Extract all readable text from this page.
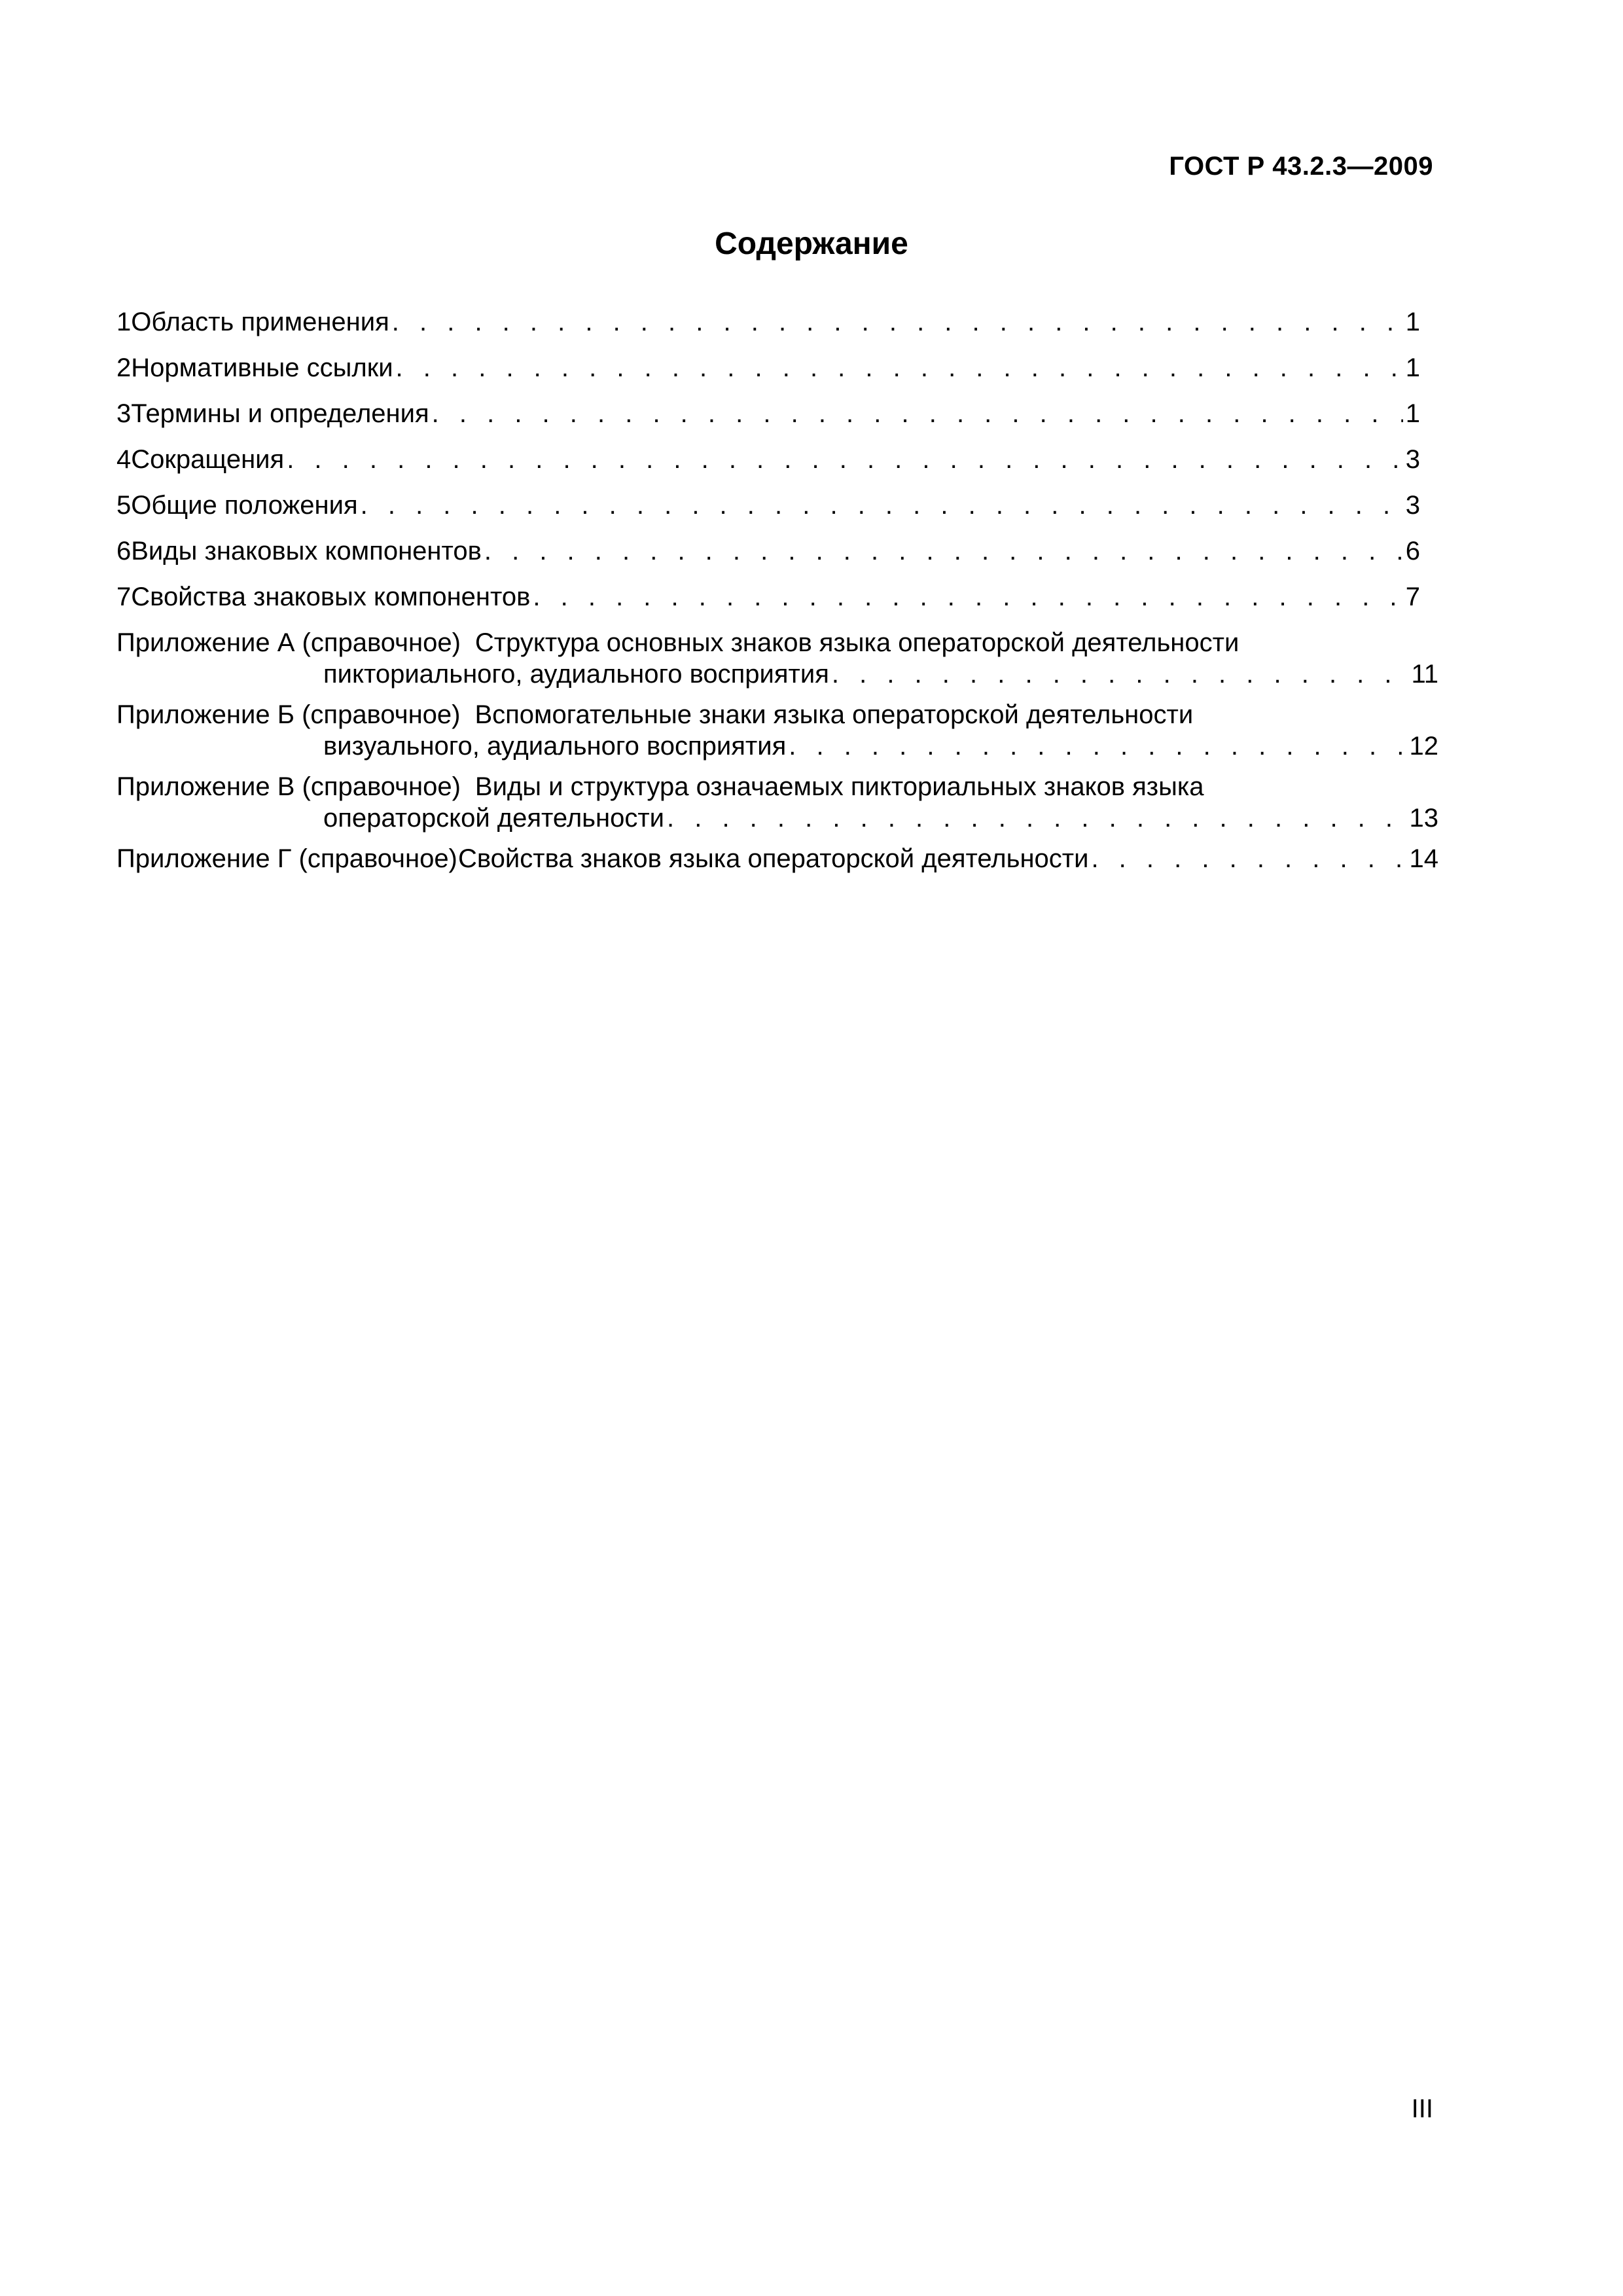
ГОСТ Р 43.2.3—2009
Содержание
1 Область применения . . .	1
2 Нормативные ссылки . . .	1
3 Термины и определения . . .	1
4 Сокращения . . .	3
5 Общие положения . . .	3
6 Виды знаковых компонентов . . .	6
7 Свойства знаковых компонентов . . .	7
Приложение А (справочное) Структура основных знаков языка операторской деятельности
пикториального, аудиального восприятия . . .	11
Приложение Б (справочное) Вспомогательные знаки языка операторской деятельности
визуального, аудиального восприятия . . .	12
Приложение В (справочное) Виды и структура означаемых пикториальных знаков языка
операторской деятельности . . .	13
Приложение Г (справочное) Свойства знаков языка операторской деятельности . . .	14
III
